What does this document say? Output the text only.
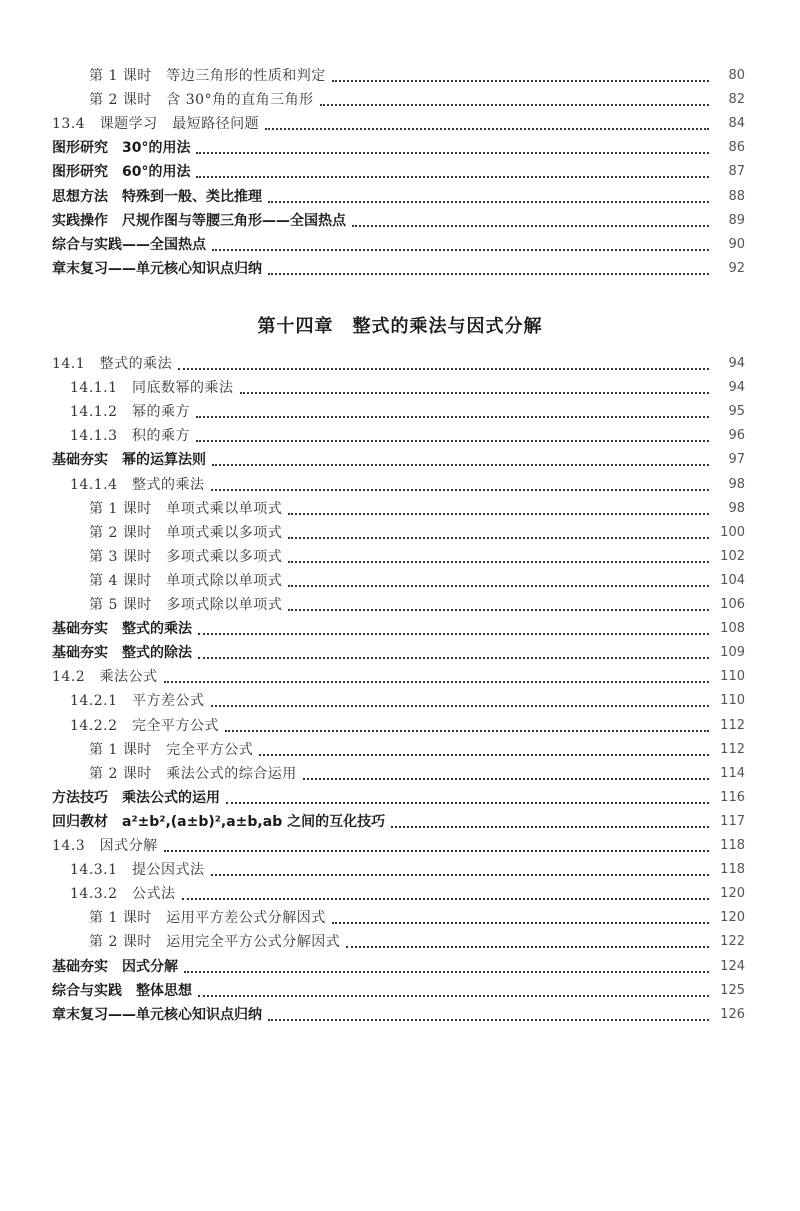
第 1 课时　等边三角形的性质和判定	80
第 2 课时　含 30°角的直角三角形	82
13.4　课题学习　最短路径问题	84
图形研究　30°的用法	86
图形研究　60°的用法	87
思想方法　特殊到一般、类比推理	88
实践操作　尺规作图与等腰三角形——全国热点	89
综合与实践——全国热点	90
章末复习——单元核心知识点归纳	92
第十四章　整式的乘法与因式分解
14.1　整式的乘法	94
14.1.1　同底数幂的乘法	94
14.1.2　幂的乘方	95
14.1.3　积的乘方	96
基础夯实　幂的运算法则	97
14.1.4　整式的乘法	98
第 1 课时　单项式乘以单项式	98
第 2 课时　单项式乘以多项式	100
第 3 课时　多项式乘以多项式	102
第 4 课时　单项式除以单项式	104
第 5 课时　多项式除以单项式	106
基础夯实　整式的乘法	108
基础夯实　整式的除法	109
14.2　乘法公式	110
14.2.1　平方差公式	110
14.2.2　完全平方公式	112
第 1 课时　完全平方公式	112
第 2 课时　乘法公式的综合运用	114
方法技巧　乘法公式的运用	116
回归教材　a²±b²,(a±b)²,a±b,ab 之间的互化技巧	117
14.3　因式分解	118
14.3.1　提公因式法	118
14.3.2　公式法	120
第 1 课时　运用平方差公式分解因式	120
第 2 课时　运用完全平方公式分解因式	122
基础夯实　因式分解	124
综合与实践　整体思想	125
章末复习——单元核心知识点归纳	126
